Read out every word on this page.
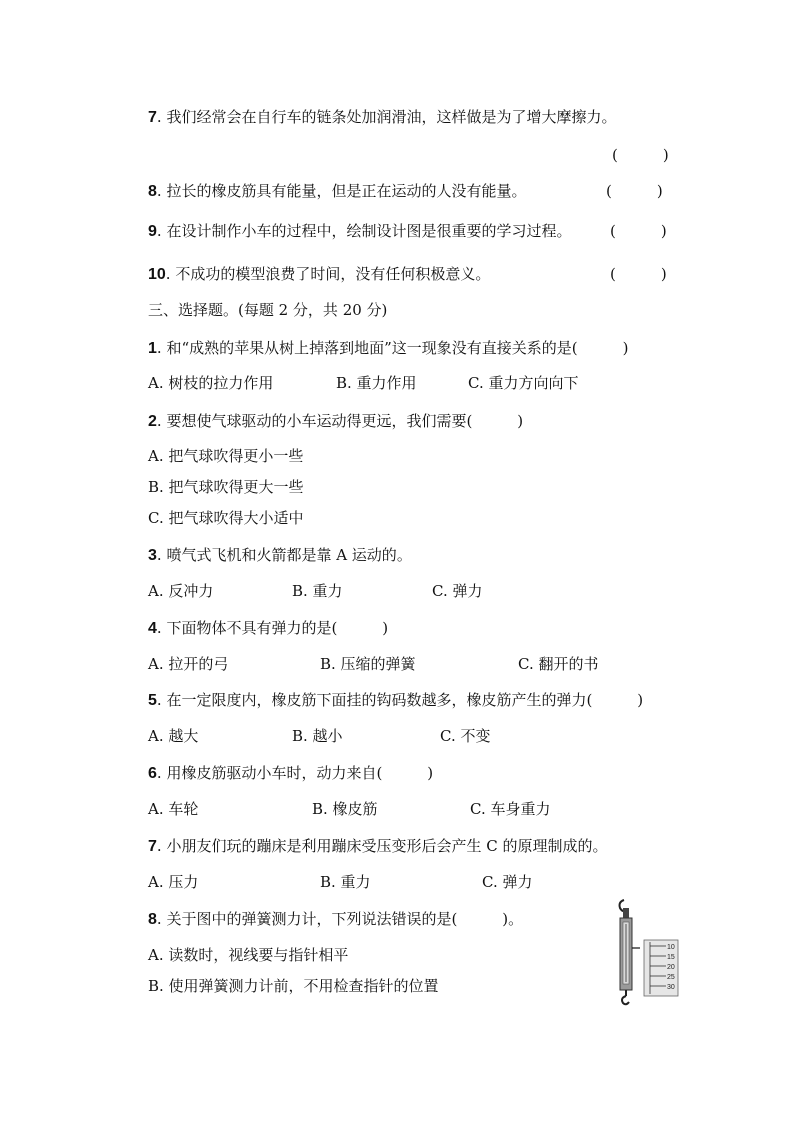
7. 我们经常会在自行车的链条处加润滑油，这样做是为了增大摩擦力。
(　　　)
8. 拉长的橡皮筋具有能量，但是正在运动的人没有能量。	(　　　)
9. 在设计制作小车的过程中，绘制设计图是很重要的学习过程。	(　　　)
10. 不成功的模型浪费了时间，没有任何积极意义。	(　　　)
三、选择题。(每题 2 分，共 20 分)
1. 和“成熟的苹果从树上掉落到地面”这一现象没有直接关系的是(　　　)
A. 树枝的拉力作用	B. 重力作用	C. 重力方向向下
2. 要想使气球驱动的小车运动得更远，我们需要(　　　)
A. 把气球吹得更小一些
B. 把气球吹得更大一些
C. 把气球吹得大小适中
3. 喷气式飞机和火箭都是靠 A 运动的。
A. 反冲力	B. 重力	C. 弹力
4. 下面物体不具有弹力的是(　　　)
A. 拉开的弓	B. 压缩的弹簧	C. 翻开的书
5. 在一定限度内，橡皮筋下面挂的钩码数越多，橡皮筋产生的弹力(　　　)
A. 越大	B. 越小	C. 不变
6. 用橡皮筋驱动小车时，动力来自(　　　)
A. 车轮	B. 橡皮筋	C. 车身重力
7. 小朋友们玩的蹦床是利用蹦床受压变形后会产生 C 的原理制成的。
A. 压力	B. 重力	C. 弹力
8. 关于图中的弹簧测力计，下列说法错误的是(　　　)。
A. 读数时，视线要与指针相平
B. 使用弹簧测力计前，不用检查指针的位置
10
15
20
25
30
